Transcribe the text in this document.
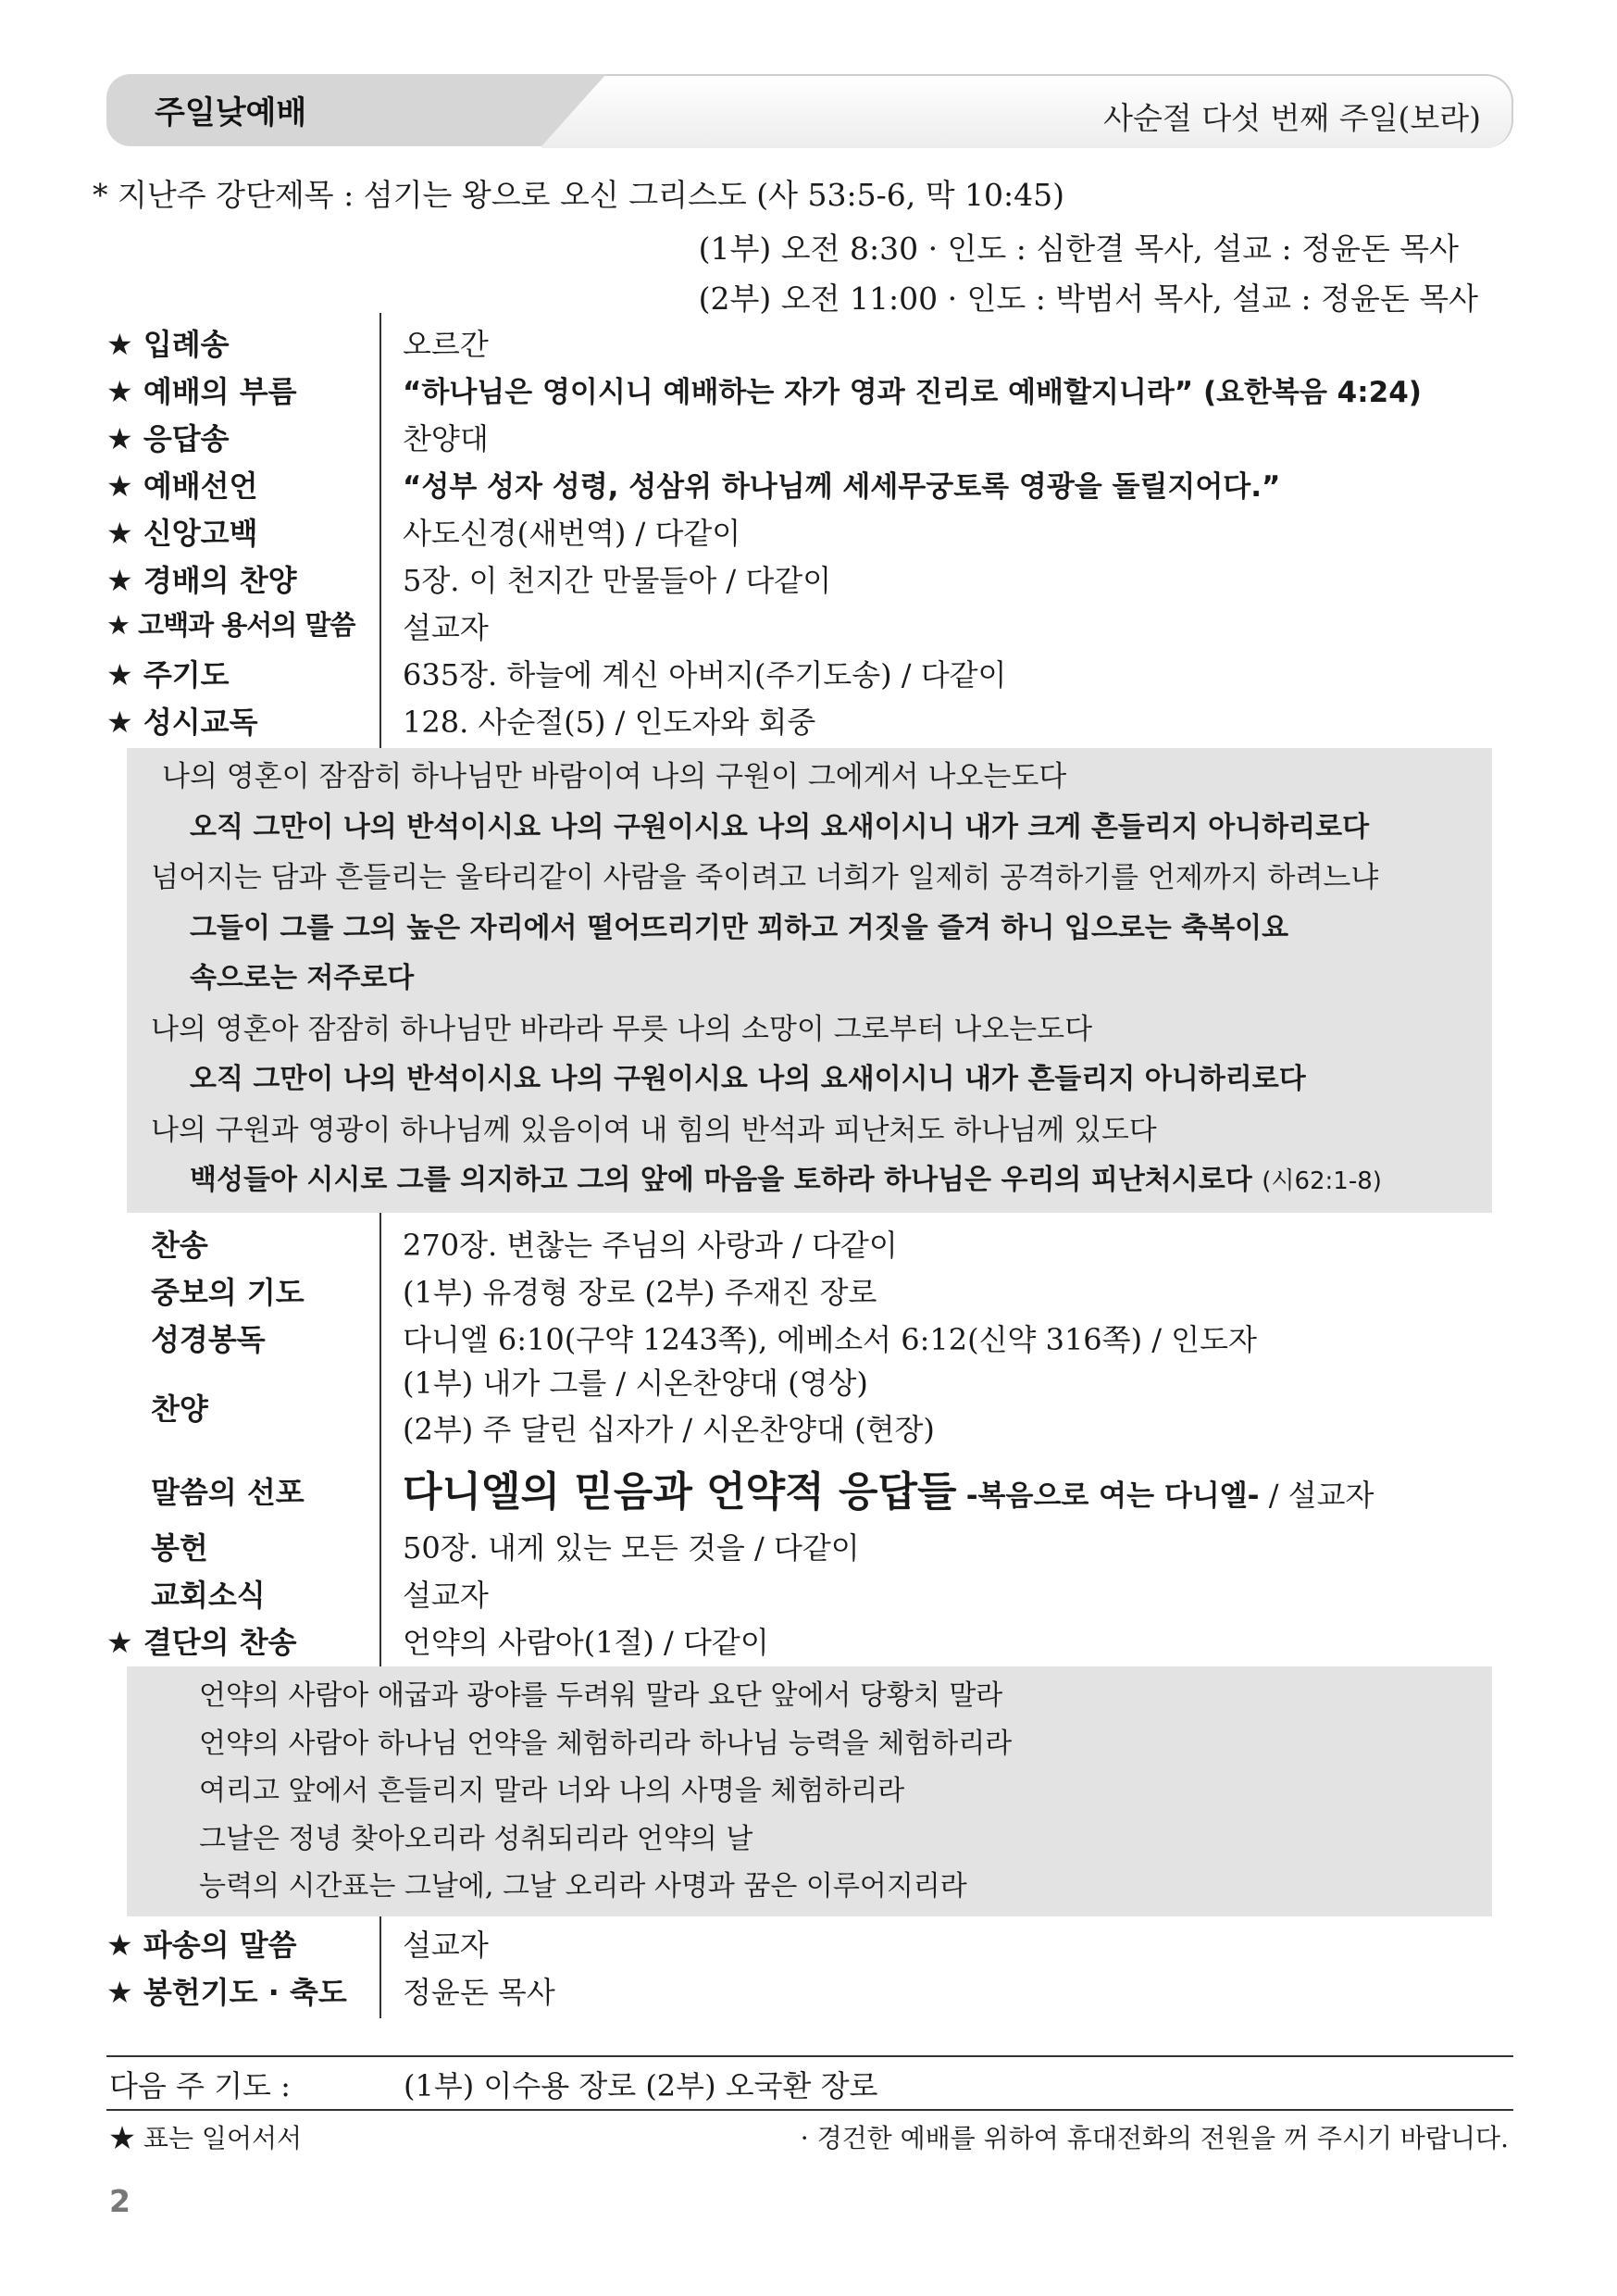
주일낮예배	사순절 다섯 번째 주일(보라)
* 지난주 강단제목 : 섬기는 왕으로 오신 그리스도 (사 53:5-6, 막 10:45)
(1부) 오전 8:30 · 인도 : 심한결 목사, 설교 : 정윤돈 목사
(2부) 오전 11:00 · 인도 : 박범서 목사, 설교 : 정윤돈 목사
★ 입례송	오르간
★ 예배의 부름	“하나님은 영이시니 예배하는 자가 영과 진리로 예배할지니라” (요한복음 4:24)
★ 응답송	찬양대
★ 예배선언	“성부 성자 성령, 성삼위 하나님께 세세무궁토록 영광을 돌릴지어다.”
★ 신앙고백	사도신경(새번역) / 다같이
★ 경배의 찬양	5장. 이 천지간 만물들아 / 다같이
★ 고백과 용서의 말씀	설교자
★ 주기도	635장. 하늘에 계신 아버지(주기도송) / 다같이
★ 성시교독	128. 사순절(5) / 인도자와 회중
나의 영혼이 잠잠히 하나님만 바람이여 나의 구원이 그에게서 나오는도다
오직 그만이 나의 반석이시요 나의 구원이시요 나의 요새이시니 내가 크게 흔들리지 아니하리로다
넘어지는 담과 흔들리는 울타리같이 사람을 죽이려고 너희가 일제히 공격하기를 언제까지 하려느냐
그들이 그를 그의 높은 자리에서 떨어뜨리기만 꾀하고 거짓을 즐겨 하니 입으로는 축복이요
속으로는 저주로다
나의 영혼아 잠잠히 하나님만 바라라 무릇 나의 소망이 그로부터 나오는도다
오직 그만이 나의 반석이시요 나의 구원이시요 나의 요새이시니 내가 흔들리지 아니하리로다
나의 구원과 영광이 하나님께 있음이여 내 힘의 반석과 피난처도 하나님께 있도다
백성들아 시시로 그를 의지하고 그의 앞에 마음을 토하라 하나님은 우리의 피난처시로다 (시62:1-8)
찬송	270장. 변찮는 주님의 사랑과 / 다같이
중보의 기도	(1부) 유경형 장로 (2부) 주재진 장로
성경봉독	다니엘 6:10(구약 1243쪽), 에베소서 6:12(신약 316쪽) / 인도자
찬양
(1부) 내가 그를 / 시온찬양대 (영상)
(2부) 주 달린 십자가 / 시온찬양대 (현장)
말씀의 선포	다니엘의 믿음과 언약적 응답들 -복음으로 여는 다니엘- / 설교자
봉헌	50장. 내게 있는 모든 것을 / 다같이
교회소식	설교자
★ 결단의 찬송	언약의 사람아(1절) / 다같이
언약의 사람아 애굽과 광야를 두려워 말라 요단 앞에서 당황치 말라
언약의 사람아 하나님 언약을 체험하리라 하나님 능력을 체험하리라
여리고 앞에서 흔들리지 말라 너와 나의 사명을 체험하리라
그날은 정녕 찾아오리라 성취되리라 언약의 날
능력의 시간표는 그날에, 그날 오리라 사명과 꿈은 이루어지리라
★ 파송의 말씀	설교자
★ 봉헌기도 · 축도	정윤돈 목사
다음 주 기도 :	(1부) 이수용 장로 (2부) 오국환 장로
★ 표는 일어서서	· 경건한 예배를 위하여 휴대전화의 전원을 꺼 주시기 바랍니다.
2
